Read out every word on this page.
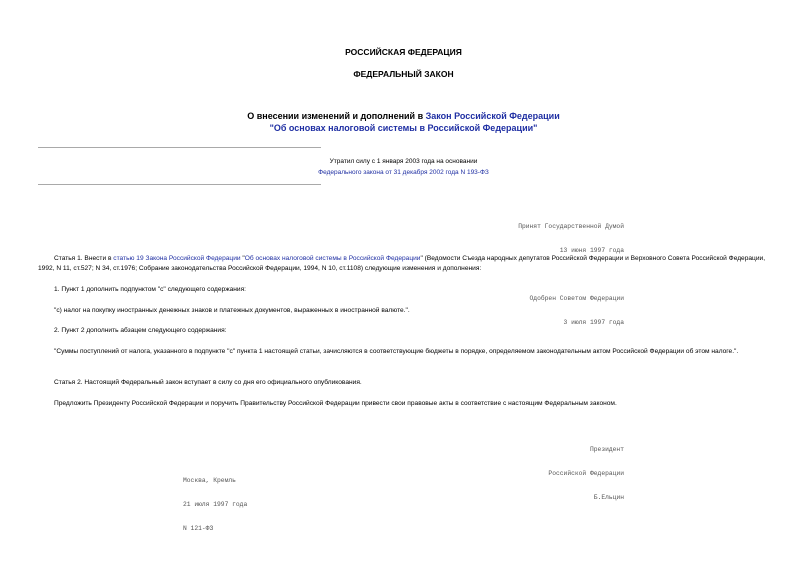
РОССИЙСКАЯ ФЕДЕРАЦИЯ
ФЕДЕРАЛЬНЫЙ ЗАКОН
О внесении изменений и дополнений в Закон Российской Федерации
"Об основах налоговой системы в Российской Федерации"
Утратил силу с 1 января 2003 года на основании
Федерального закона от 31 декабря 2002 года N 193-ФЗ

Принят Государственной Думой

13 июня 1997 года

Одобрен Советом Федерации

3 июля 1997 года

Статья 1. Внести в статью 19 Закона Российской Федерации "Об основах налоговой системы в Российской Федерации" (Ведомости Съезда народных депутатов Российской Федерации и Верховного Совета Российской Федерации, 1992, N 11, ст.527; N 34, ст.1976; Собрание законодательства Российской Федерации, 1994, N 10, ст.1108) следующие изменения и дополнения:

1. Пункт 1 дополнить подпунктом "с" следующего содержания:
"с) налог на покупку иностранных денежных знаков и платежных документов, выраженных в иностранной валюте.".
2. Пункт 2 дополнить абзацем следующего содержания:
"Суммы поступлений от налога, указанного в подпункте "с" пункта 1 настоящей статьи, зачисляются в соответствующие бюджеты в порядке, определяемом законодательным актом Российской Федерации об этом налоге.".
Статья 2. Настоящий Федеральный закон вступает в силу со дня его официального опубликования.
Предложить Президенту Российской Федерации и поручить Правительству Российской Федерации привести свои правовые акты в соответствие с настоящим Федеральным законом.

Президент

Российской Федерации

Б.Ельцин

Москва, Кремль

21 июля 1997 года

N 121-ФЗ
